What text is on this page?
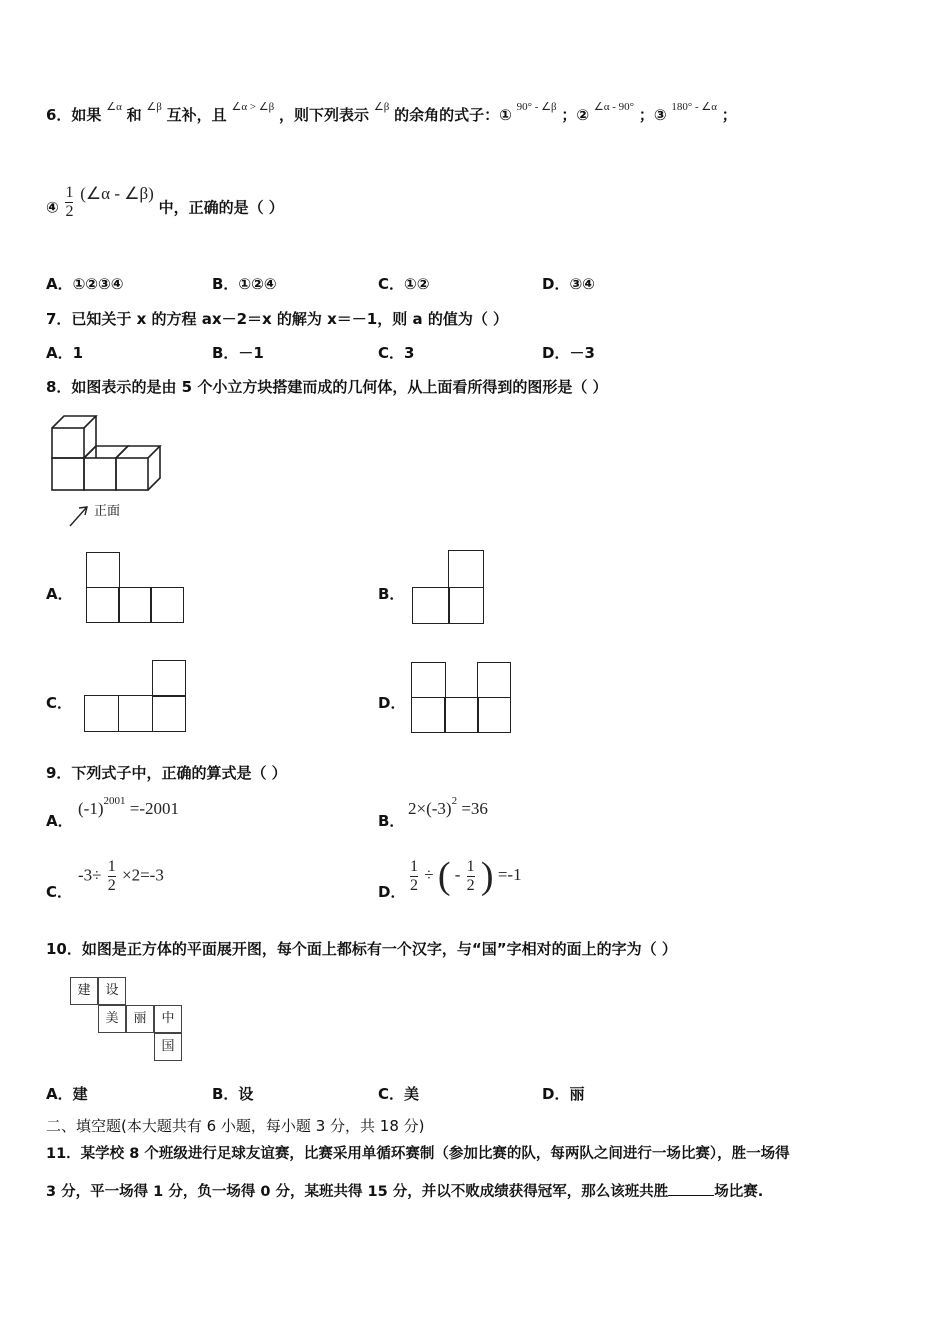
6．如果 $^{\angle\alpha}$ 和 $^{\angle\beta}$ 互补，且 $^{\angle\alpha > \angle\beta}$ ，则下列表示 $^{\angle\beta}$ 的余角的式子：① $^{90^\circ - \angle\beta}$ ；② $^{\angle\alpha - 90^\circ}$ ；③ $^{180^\circ - \angle\alpha}$ ；
④ $\frac{1}{2}$ (∠α - ∠β) 中，正确的是（ ）
A．①②③④	B．①②④	C．①②	D．③④
7．已知关于 x 的方程 ax－2＝x 的解为 x＝－1，则 a 的值为（ ）
A．1	B．－1	C．3	D．－3
8．如图表示的是由 5 个小立方块搭建而成的几何体，从上面看所得到的图形是（ ）
正面
A．	B．
C．	D．
9．下列式子中，正确的算式是（ ）
A．
$(-1)^{2001} =-2001$
B．
$2\times(-3)^2 =36$
C．
$-3\div \frac{1}{2} \times 2=-3$
D． $\frac{1}{2}$ ÷ ( - $\frac{1}{2}$ ) =-1
10．如图是正方体的平面展开图，每个面上都标有一个汉字，与“国”字相对的面上的字为（ ）
建	设
美	丽	中
国
A．建	B．设	C．美	D．丽
二、填空题(本大题共有 6 小题，每小题 3 分，共 18 分)
11．某学校 8 个班级进行足球友谊赛，比赛采用单循环赛制（参加比赛的队，每两队之间进行一场比赛），胜一场得
3 分，平一场得 1 分，负一场得 0 分，某班共得 15 分，并以不败成绩获得冠军，那么该班共胜	场比赛.
